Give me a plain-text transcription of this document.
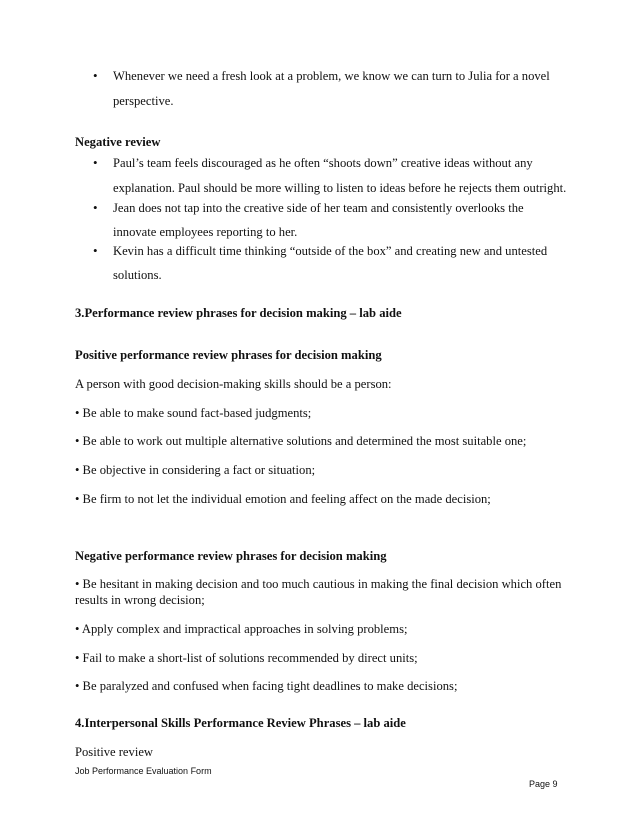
• Whenever we need a fresh look at a problem, we know we can turn to Julia for a novel
perspective.
Negative review
• Paul’s team feels discouraged as he often “shoots down” creative ideas without any
explanation. Paul should be more willing to listen to ideas before he rejects them outright.
• Jean does not tap into the creative side of her team and consistently overlooks the
innovate employees reporting to her.
• Kevin has a difficult time thinking “outside of the box” and creating new and untested
solutions.
3.Performance review phrases for decision making – lab aide
Positive performance review phrases for decision making
A person with good decision-making skills should be a person:
• Be able to make sound fact-based judgments;
• Be able to work out multiple alternative solutions and determined the most suitable one;
• Be objective in considering a fact or situation;
• Be firm to not let the individual emotion and feeling affect on the made decision;
Negative performance review phrases for decision making
• Be hesitant in making decision and too much cautious in making the final decision which often
results in wrong decision;
• Apply complex and impractical approaches in solving problems;
• Fail to make a short-list of solutions recommended by direct units;
• Be paralyzed and confused when facing tight deadlines to make decisions;
4.Interpersonal Skills Performance Review Phrases – lab aide
Positive review
Job Performance Evaluation Form
Page 9
